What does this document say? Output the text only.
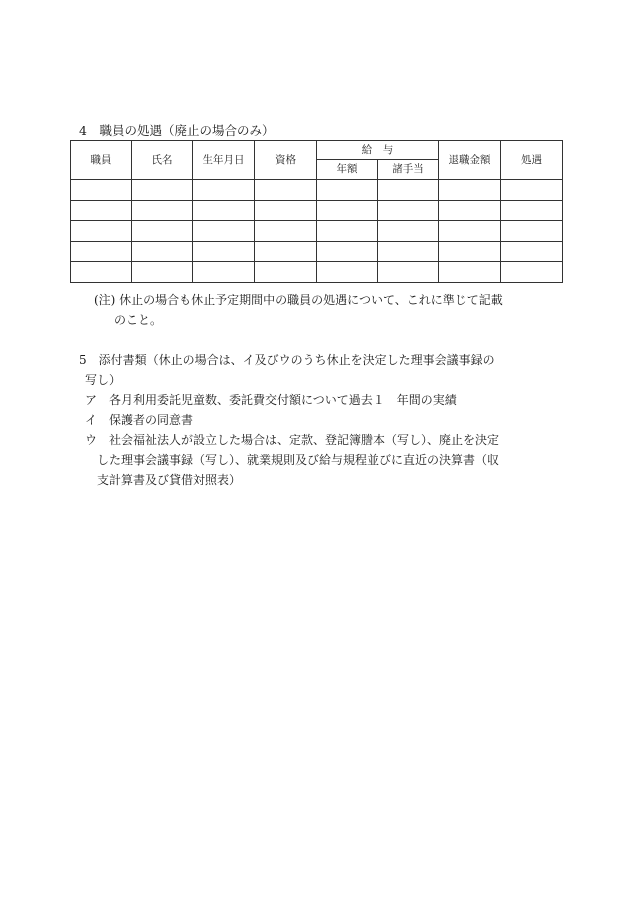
4　職員の処遇（廃止の場合のみ）
職員	氏名	生年月日	資格	給　与		退職金額	処遇
				年額	諸手当		

(注) 休止の場合も休止予定期間中の職員の処遇について、これに準じて記載
のこと。
5　添付書類（休止の場合は、イ及びウのうち休止を決定した理事会議事録の
写し）
ア　各月利用委託児童数、委託費交付額について過去１　年間の実績
イ　保護者の同意書
ウ　社会福祉法人が設立した場合は、定款、登記簿謄本（写し）、廃止を決定
した理事会議事録（写し）、就業規則及び給与規程並びに直近の決算書（収
支計算書及び貸借対照表）
